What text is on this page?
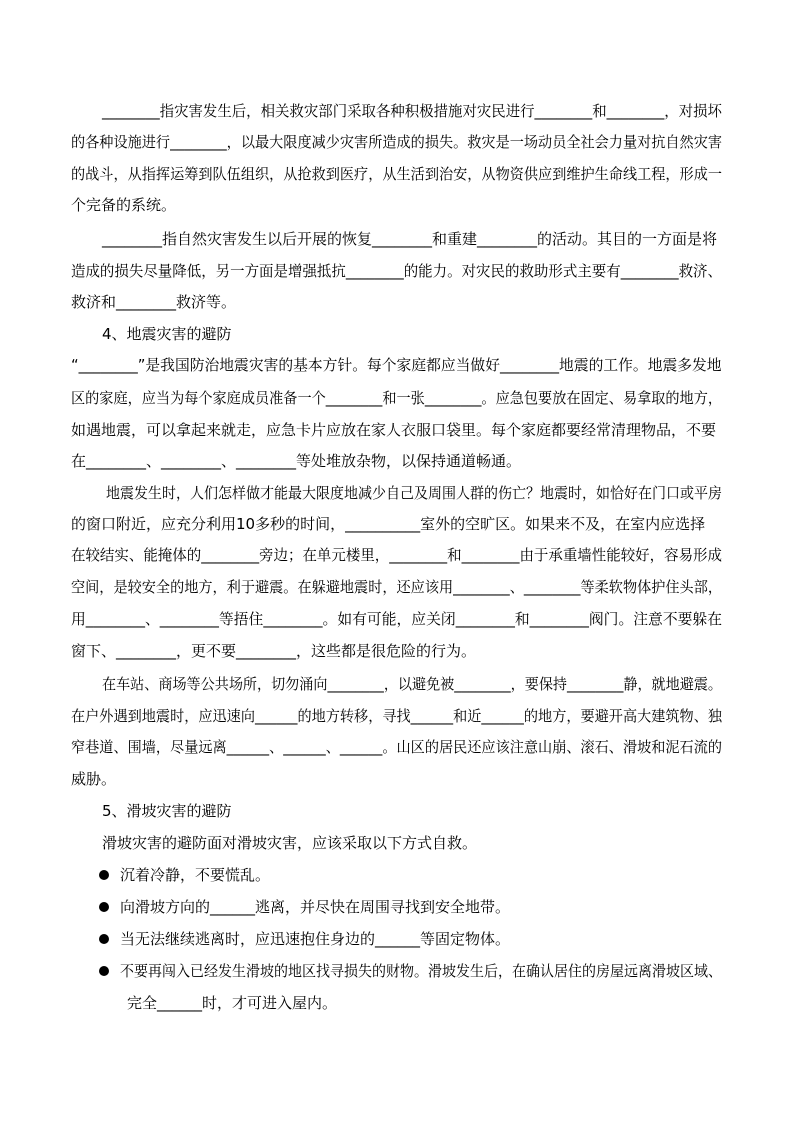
________指灾害发生后，相关救灾部门采取各种积极措施对灾民进行________和________，对损坏
的各种设施进行________，以最大限度减少灾害所造成的损失。救灾是一场动员全社会力量对抗自然灾害
的战斗，从指挥运筹到队伍组织，从抢救到医疗，从生活到治安，从物资供应到维护生命线工程，形成一
个完备的系统。
________指自然灾害发生以后开展的恢复________和重建________的活动。其目的一方面是将
造成的损失尽量降低，另一方面是增强抵抗________的能力。对灾民的救助形式主要有________救济、
救济和________救济等。
4、地震灾害的避防
“________”是我国防治地震灾害的基本方针。每个家庭都应当做好________地震的工作。地震多发地
区的家庭，应当为每个家庭成员准备一个________和一张________。应急包要放在固定、易拿取的地方，
如遇地震，可以拿起来就走，应急卡片应放在家人衣服口袋里。每个家庭都要经常清理物品，不要
在________、________、________等处堆放杂物，以保持通道畅通。
地震发生时，人们怎样做才能最大限度地减少自己及周围人群的伤亡？地震时，如恰好在门口或平房
的窗口附近，应充分利用10多秒的时间，__________室外的空旷区。如果来不及，在室内应选择
在较结实、能掩体的________旁边；在单元楼里，________和________由于承重墙性能较好，容易形成
空间，是较安全的地方，利于避震。在躲避地震时，还应该用________、________等柔软物体护住头部，
用________、________等捂住________。如有可能，应关闭________和________阀门。注意不要躲在
窗下、________，更不要________，这些都是很危险的行为。
在车站、商场等公共场所，切勿涌向________，以避免被________，要保持________静，就地避震。
在户外遇到地震时，应迅速向______的地方转移，寻找______和近______的地方，要避开高大建筑物、独
窄巷道、围墙，尽量远离______、______、______。山区的居民还应该注意山崩、滚石、滑坡和泥石流的
威胁。
5、滑坡灾害的避防
滑坡灾害的避防面对滑坡灾害，应该采取以下方式自救。
沉着冷静，不要慌乱。
向滑坡方向的______逃离，并尽快在周围寻找到安全地带。
当无法继续逃离时，应迅速抱住身边的______等固定物体。
不要再闯入已经发生滑坡的地区找寻损失的财物。滑坡发生后，在确认居住的房屋远离滑坡区域、
完全______时，才可进入屋内。
